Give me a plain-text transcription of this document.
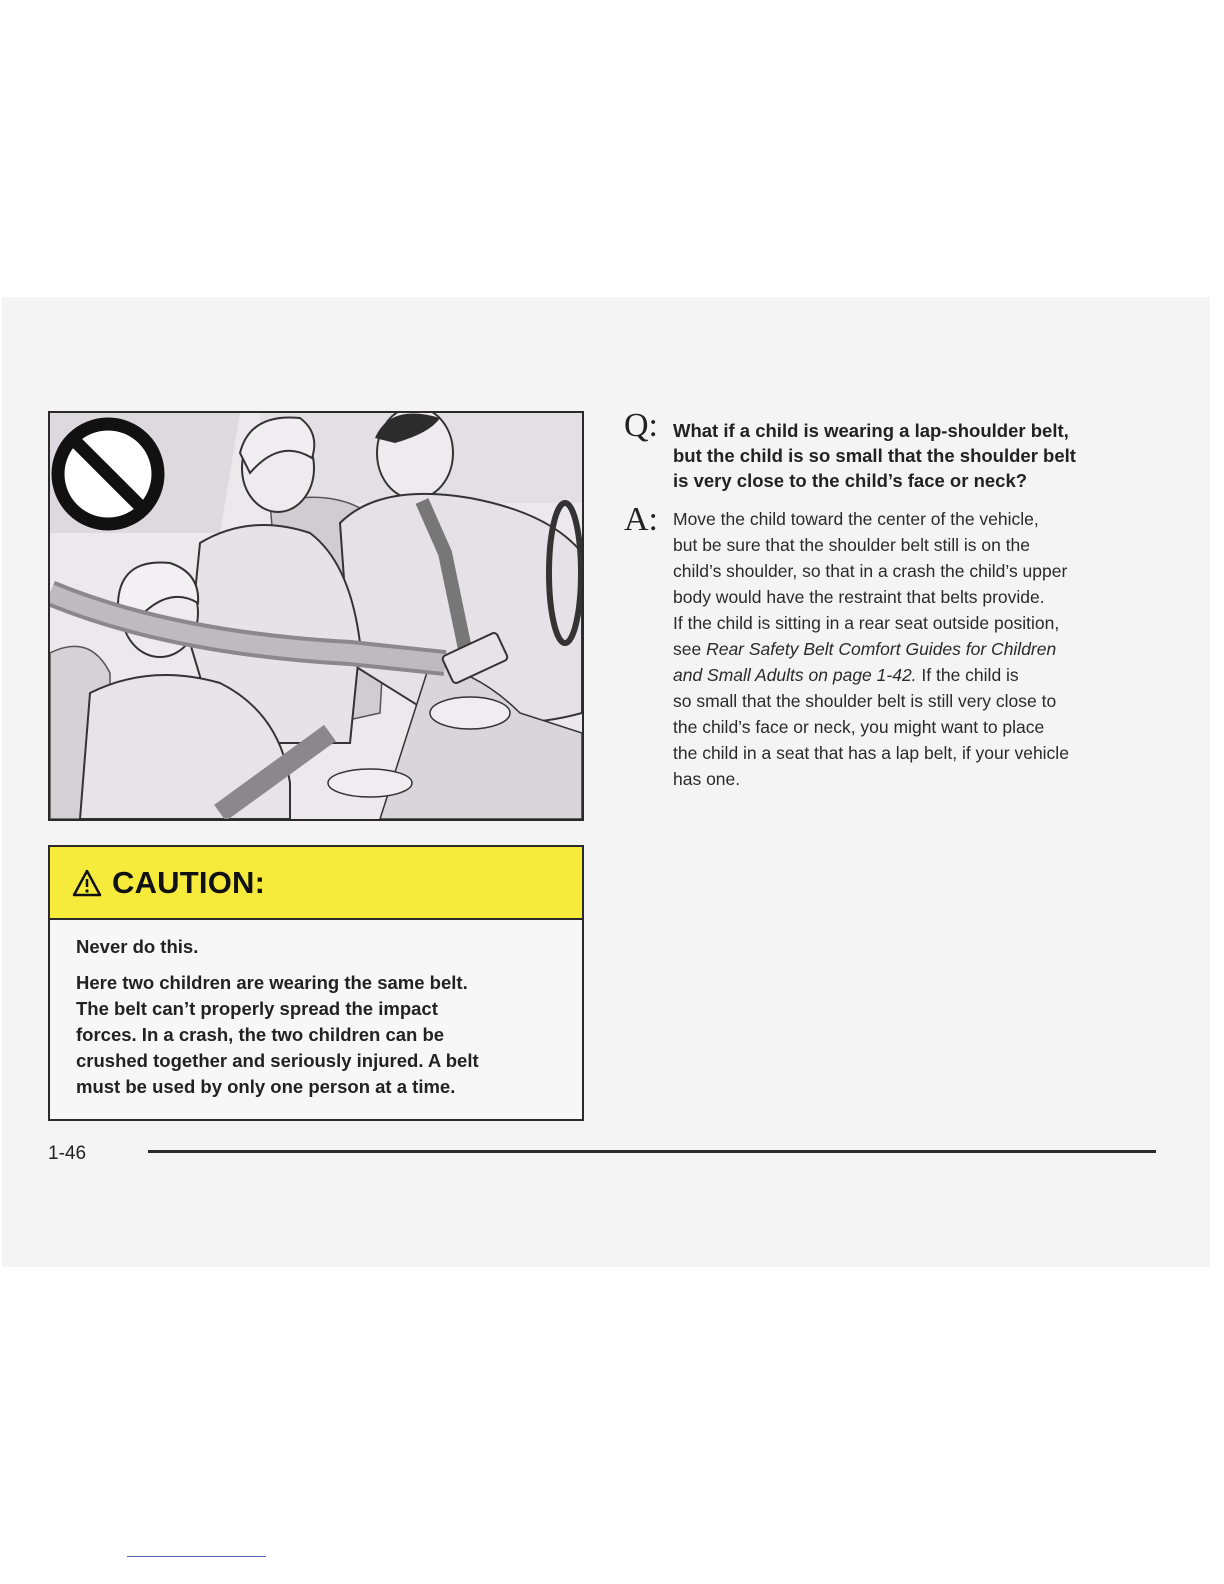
CAUTION:

Never do this.

Here two children are wearing the same belt.
The belt can’t properly spread the impact
forces. In a crash, the two children can be
crushed together and seriously injured. A belt
must be used by only one person at a time.

Q: What if a child is wearing a lap-shoulder belt,
but the child is so small that the shoulder belt
is very close to the child’s face or neck?
A: Move the child toward the center of the vehicle,
but be sure that the shoulder belt still is on the
child’s shoulder, so that in a crash the child’s upper
body would have the restraint that belts provide.
If the child is sitting in a rear seat outside position,
see Rear Safety Belt Comfort Guides for Children
and Small Adults on page 1-42. If the child is
so small that the shoulder belt is still very close to
the child’s face or neck, you might want to place
the child in a seat that has a lap belt, if your vehicle
has one.
1-46
